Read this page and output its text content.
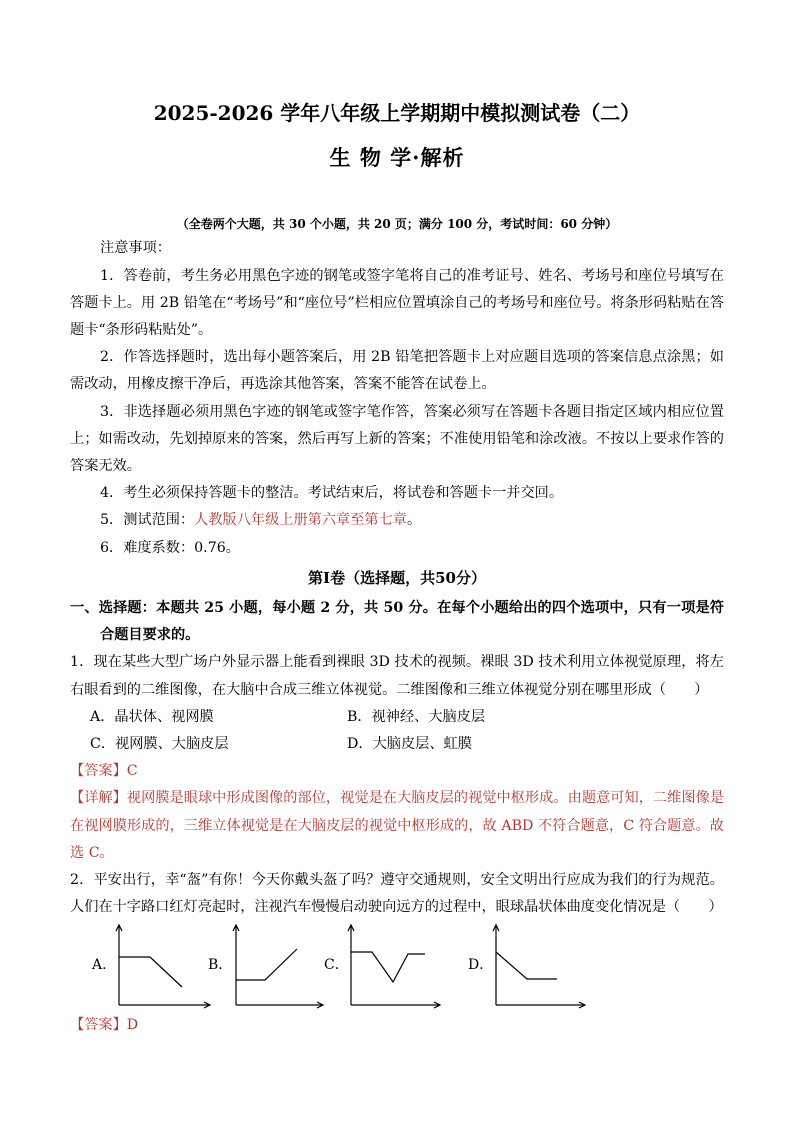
2025-2026 学年八年级上学期期中模拟测试卷（二）
生 物 学·解析
（全卷两个大题，共 30 个小题，共 20 页；满分 100 分，考试时间：60 分钟）

注意事项：

1．答卷前，考生务必用黑色字迹的钢笔或签字笔将自己的准考证号、姓名、考场号和座位号填写在答题卡上。用 2B 铅笔在“考场号”和“座位号”栏相应位置填涂自己的考场号和座位号。将条形码粘贴在答题卡“条形码粘贴处”。

2．作答选择题时，选出每小题答案后，用 2B 铅笔把答题卡上对应题目选项的答案信息点涂黑；如需改动，用橡皮擦干净后，再选涂其他答案，答案不能答在试卷上。

3．非选择题必须用黑色字迹的钢笔或签字笔作答，答案必须写在答题卡各题目指定区域内相应位置上；如需改动，先划掉原来的答案，然后再写上新的答案；不准使用铅笔和涂改液。不按以上要求作答的答案无效。

4．考生必须保持答题卡的整洁。考试结束后，将试卷和答题卡一并交回。

5．测试范围：人教版八年级上册第六章至第七章。

6．难度系数：0.76。

第Ⅰ卷（选择题，共50分）

一、选择题：本题共 25 小题，每小题 2 分，共 50 分。在每个小题给出的四个选项中，只有一项是符合题目要求的。

1．现在某些大型广场户外显示器上能看到裸眼 3D 技术的视频。裸眼 3D 技术利用立体视觉原理，将左右眼看到的二维图像，在大脑中合成三维立体视觉。二维图像和三维立体视觉分别在哪里形成（　　）

A．晶状体、视网膜	B．视神经、大脑皮层
C．视网膜、大脑皮层	D．大脑皮层、虹膜

【答案】C

【详解】视网膜是眼球中形成图像的部位，视觉是在大脑皮层的视觉中枢形成。由题意可知，二维图像是在视网膜形成的，三维立体视觉是在大脑皮层的视觉中枢形成的，故 ABD 不符合题意，C 符合题意。故选 C。

2．平安出行，幸“盔”有你！今天你戴头盔了吗？遵守交通规则，安全文明出行应成为我们的行为规范。人们在十字路口红灯亮起时，注视汽车慢慢启动驶向远方的过程中，眼球晶状体曲度变化情况是（　　）

A．	B．	C．	D．

【答案】D
